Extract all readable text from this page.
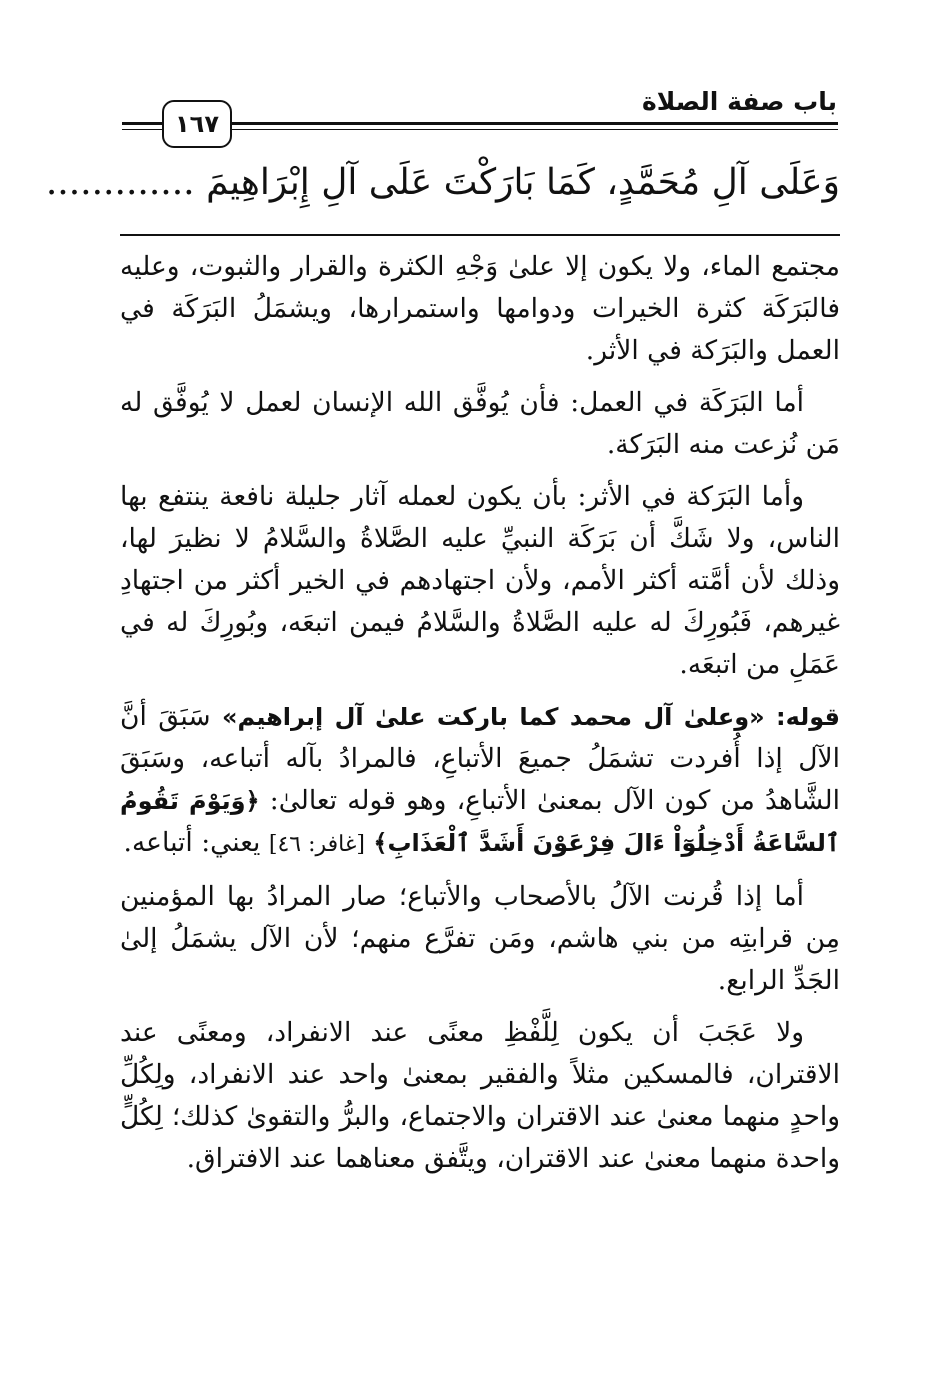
باب صفة الصلاة
١٦٧
وَعَلَى آلِ مُحَمَّدٍ، كَمَا بَارَكْتَ عَلَى آلِ إِبْرَاهِيمَ .............

مجتمع الماء، ولا يكون إلا علىٰ وَجْهِ الكثرة والقرار والثبوت، وعليه فالبَرَكَة كثرة الخيرات ودوامها واستمرارها، ويشمَلُ البَرَكَة في العمل والبَرَكة في الأثر.

أما البَرَكَة في العمل: فأن يُوفَّق الله الإنسان لعمل لا يُوفَّق له مَن نُزعت منه البَرَكة.

وأما البَرَكة في الأثر: بأن يكون لعمله آثار جليلة نافعة ينتفع بها الناس، ولا شَكَّ أن بَرَكَة النبيِّ عليه الصَّلاةُ والسَّلامُ لا نظيرَ لها، وذلك لأن أمَّته أكثر الأمم، ولأن اجتهادهم في الخير أكثر من اجتهادِ غيرهم، فَبُورِكَ له عليه الصَّلاةُ والسَّلامُ فيمن اتبعَه، وبُورِكَ له في عَمَلِ من اتبعَه.

قوله: «وعلىٰ آل محمد كما باركت علىٰ آل إبراهيم» سَبَقَ أنَّ الآل إذا أُفردت تشمَلُ جميعَ الأتباعِ، فالمرادُ بآله أتباعه، وسَبَقَ الشَّاهدُ من كون الآل بمعنىٰ الأتباعِ، وهو قوله تعالىٰ: ﴿وَيَوْمَ تَقُومُ ٱلسَّاعَةُ أَدْخِلُوٓاْ ءَالَ فِرْعَوْنَ أَشَدَّ ٱلْعَذَابِ﴾ [غافر: ٤٦] يعني: أتباعه.

أما إذا قُرنت الآلُ بالأصحاب والأتباع؛ صار المرادُ بها المؤمنين مِن قرابتِه من بني هاشم، ومَن تفرَّع منهم؛ لأن الآل يشمَلُ إلىٰ الجَدِّ الرابع.

ولا عَجَبَ أن يكون لِلَّفْظِ معنًى عند الانفراد، ومعنًى عند الاقتران، فالمسكين مثلاً والفقير بمعنىٰ واحد عند الانفراد، ولِكُلِّ واحدٍ منهما معنىٰ عند الاقتران والاجتماع، والبرُّ والتقوىٰ كذلك؛ لِكُلٍّ واحدة منهما معنىٰ عند الاقتران، ويتَّفق معناهما عند الافتراق.
